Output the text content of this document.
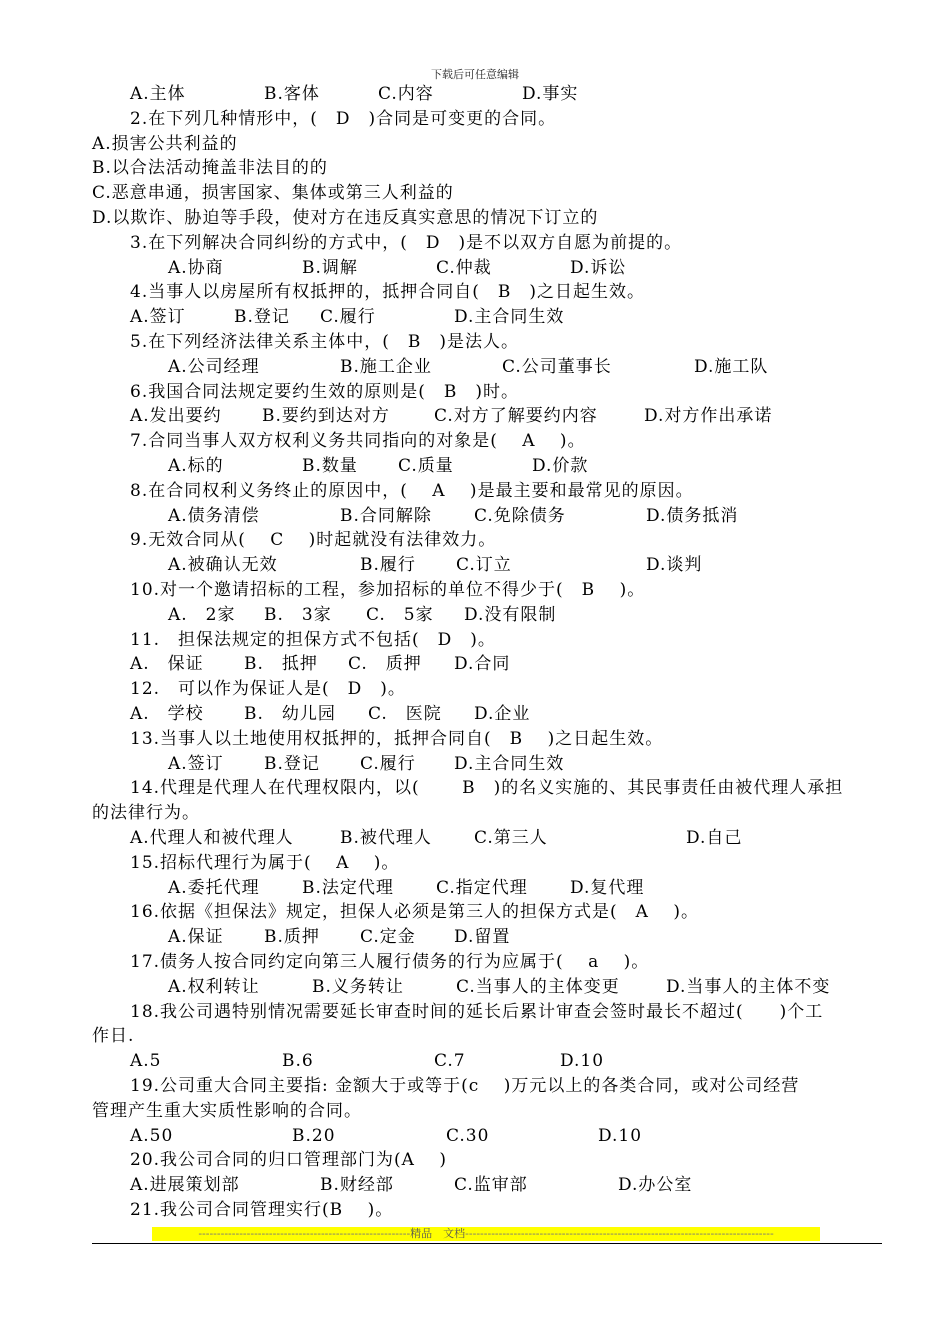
下载后可任意编辑
A.主体	B.客体	C.内容	D.事实
2.在下列几种情形中，(　D　)合同是可变更的合同。
A.损害公共利益的
B.以合法活动掩盖非法目的的
C.恶意串通，损害国家、集体或第三人利益的
D.以欺诈、胁迫等手段，使对方在违反真实意思的情况下订立的
3.在下列解决合同纠纷的方式中，(　D　)是不以双方自愿为前提的。
A.协商	B.调解	C.仲裁	D.诉讼
4.当事人以房屋所有权抵押的，抵押合同自(　B　)之日起生效。
A.签订	B.登记 C.履行	D.主合同生效
5.在下列经济法律关系主体中，(　B　)是法人。
A.公司经理	B.施工企业	C.公司董事长	D.施工队
6.我国合同法规定要约生效的原则是(　B　)时。
A.发出要约 B.要约到达对方	C.对方了解要约内容	D.对方作出承诺
7.合同当事人双方权利义务共同指向的对象是(　 A　 )。
A.标的	B.数量 C.质量	D.价款
8.在合同权利义务终止的原因中，(　 A　 )是最主要和最常见的原因。
A.债务清偿	B.合同解除 C.免除债务	D.债务抵消
9.无效合同从(　 C　 )时起就没有法律效力。
A.被确认无效	B.履行 C.订立	D.谈判
10.对一个邀请招标的工程，参加招标的单位不得少于(　B　 )。
A.　2家 B.　3家 C.　5家 D.没有限制
11.　担保法规定的担保方式不包括(　D　)。
A.　保证 B.　抵押 C.　质押 D.合同
12.　可以作为保证人是(　D　)。
A.　学校 B.　幼儿园 C.　医院 D.企业
13.当事人以土地使用权抵押的，抵押合同自(　B　 )之日起生效。
A.签订 B.登记 C.履行 D.主合同生效
14.代理是代理人在代理权限内，以(　 　B　)的名义实施的、其民事责任由被代理人承担
的法律行为。
A.代理人和被代理人	B.被代理人 C.第三人	D.自己
15.招标代理行为属于(　 A　 )。
A.委托代理 B.法定代理 C.指定代理 D.复代理
16.依据《担保法》规定，担保人必须是第三人的担保方式是(　A　 )。
A.保证 B.质押 C.定金 D.留置
17.债务人按合同约定向第三人履行债务的行为应属于(　 a　 )。
A.权利转让	B.义务转让	C.当事人的主体变更	D.当事人的主体不变
18.我公司遇特别情况需要延长审查时间的延长后累计审查会签时最长不超过(　　)个工
作日.
A.5	B.6	C.7	D.10
19.公司重大合同主要指: 金额大于或等于(c　 )万元以上的各类合同，或对公司经营
管理产生重大实质性影响的合同。
A.50	B.20	C.30	D.10
20.我公司合同的归口管理部门为(A　 )
A.进展策划部	B.财经部	C.监审部	D.办公室
21.我公司合同管理实行(B　 )。
---------------------------------------------------------精品　文档-----------------------------------------------------------------------------------
